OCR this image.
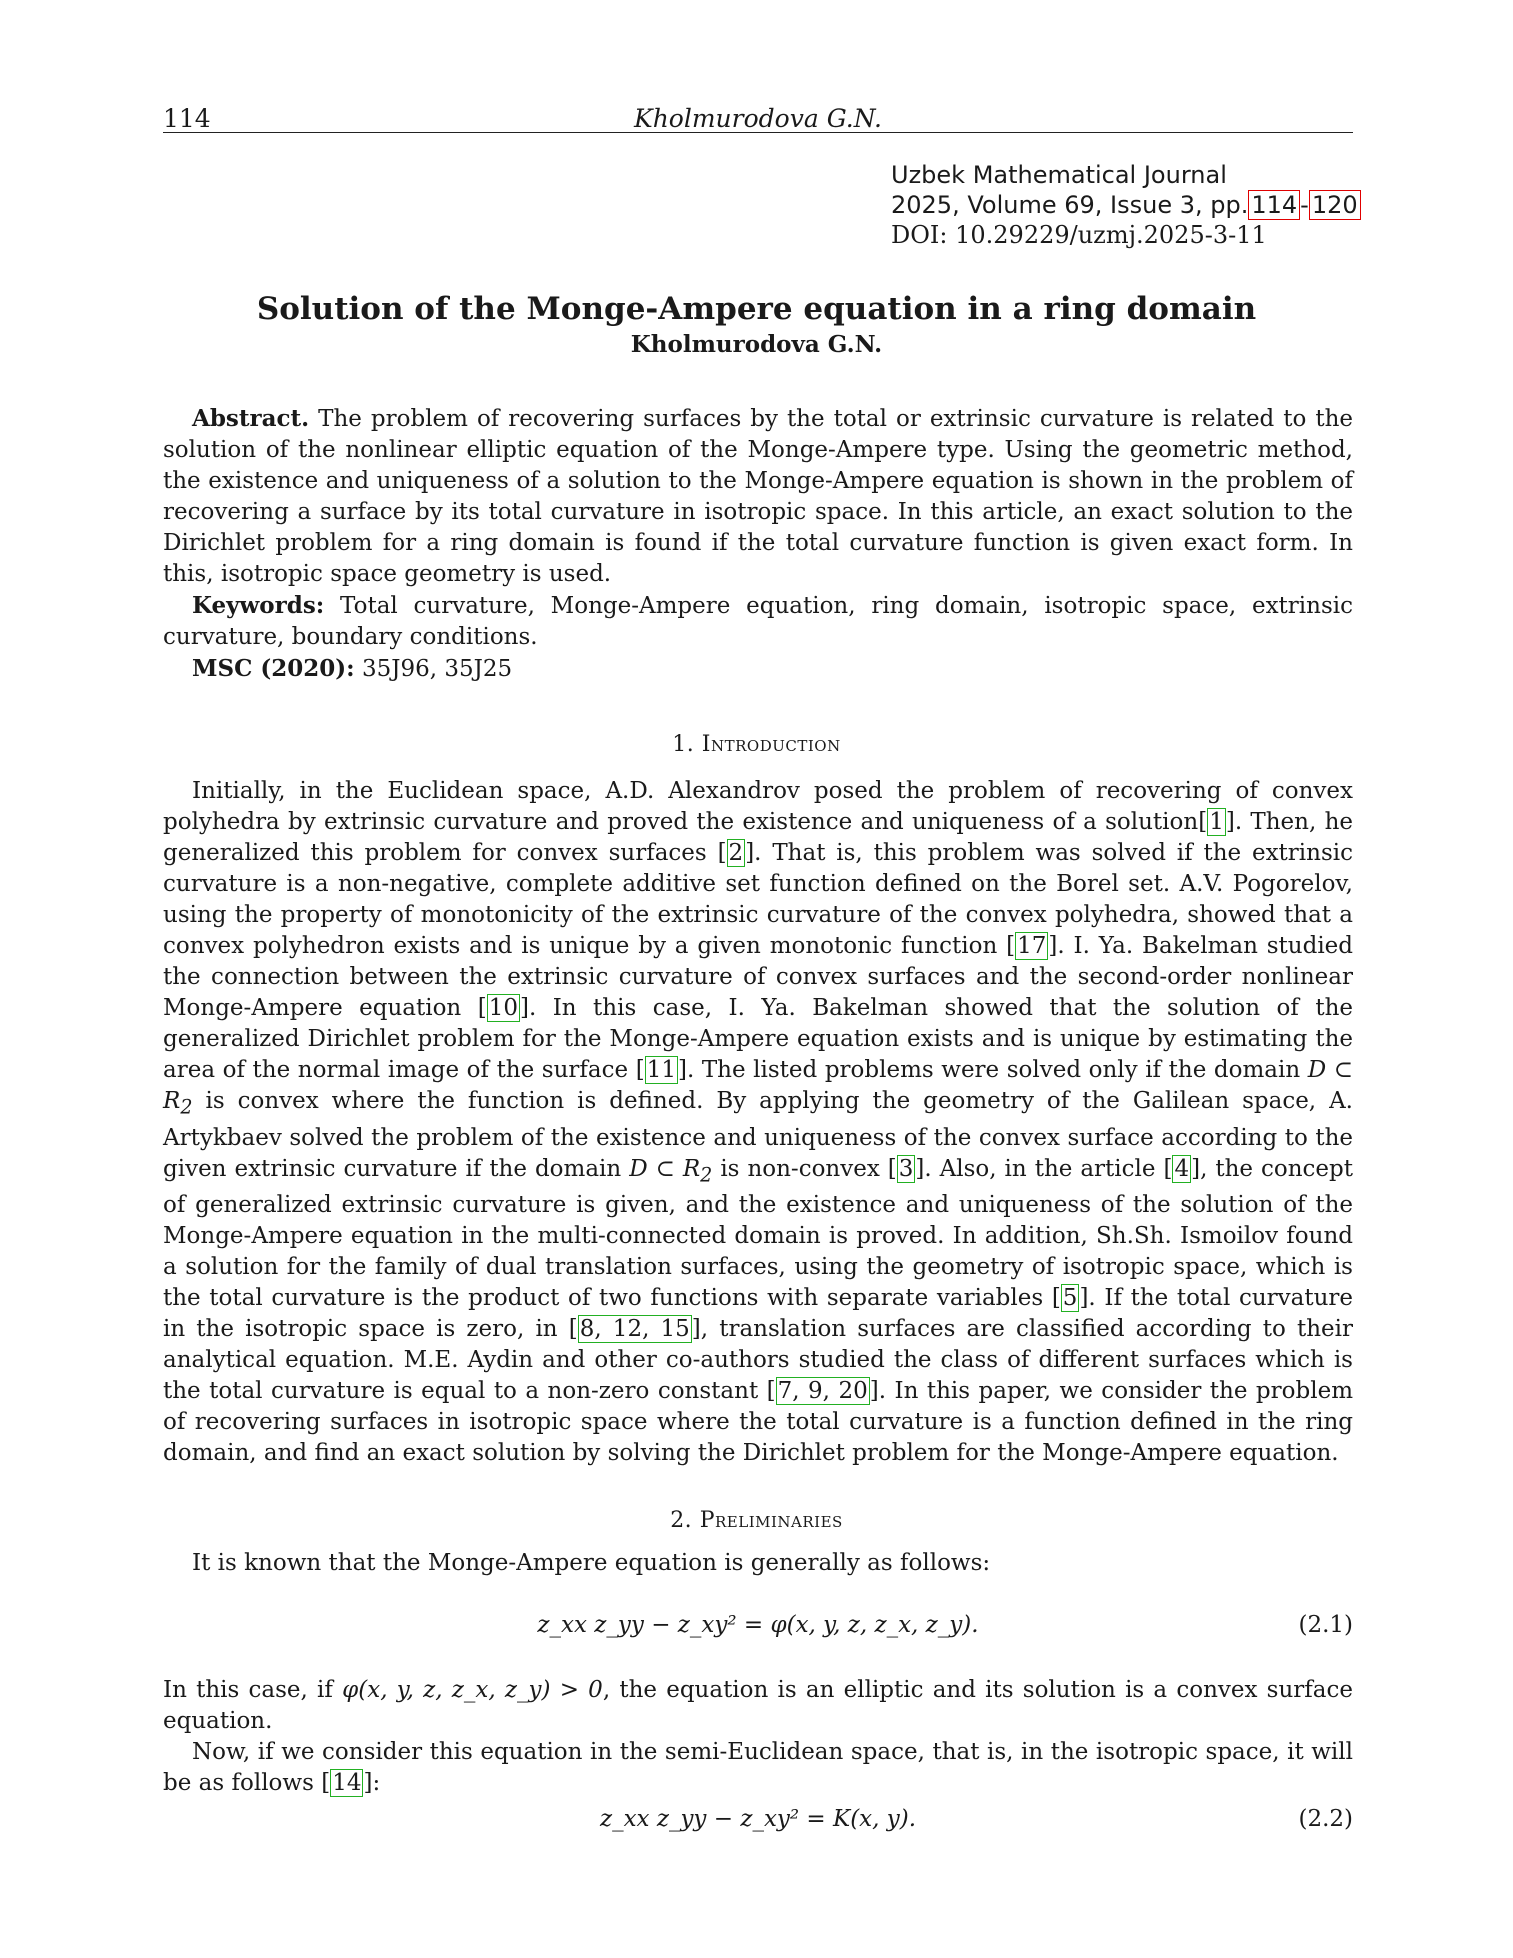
114	Kholmurodova G.N.
Uzbek Mathematical Journal
2025, Volume 69, Issue 3, pp. 114 - 120
DOI: 10.29229/uzmj.2025-3-11
Solution of the Monge-Ampere equation in a ring domain
Kholmurodova G.N.

Abstract. The problem of recovering surfaces by the total or extrinsic curvature is related to the solution of the nonlinear elliptic equation of the Monge-Ampere type. Using the geometric method, the existence and uniqueness of a solution to the Monge-Ampere equation is shown in the problem of recovering a surface by its total curvature in isotropic space. In this article, an exact solution to the Dirichlet problem for a ring domain is found if the total curvature function is given exact form. In this, isotropic space geometry is used.

Keywords: Total curvature, Monge-Ampere equation, ring domain, isotropic space, extrinsic curvature, boundary conditions.

MSC (2020): 35J96, 35J25

1. Introduction

Initially, in the Euclidean space, A.D. Alexandrov posed the problem of recovering of convex polyhedra by extrinsic curvature and proved the existence and uniqueness of a solution[1]. Then, he generalized this problem for convex surfaces [2]. That is, this problem was solved if the extrinsic curvature is a non-negative, complete additive set function defined on the Borel set. A.V. Pogorelov, using the property of monotonicity of the extrinsic curvature of the convex polyhedra, showed that a convex polyhedron exists and is unique by a given monotonic function [17]. I. Ya. Bakelman studied the connection between the extrinsic curvature of convex surfaces and the second-order nonlinear Monge-Ampere equation [10]. In this case, I. Ya. Bakelman showed that the solution of the generalized Dirichlet problem for the Monge-Ampere equation exists and is unique by estimating the area of the normal image of the surface [11]. The listed problems were solved only if the domain D ⊂ $R_2$ is convex where the function is defined. By applying the geometry of the Galilean space, A. Artykbaev solved the problem of the existence and uniqueness of the convex surface according to the given extrinsic curvature if the domain D ⊂ $R_2$ is non-convex [3]. Also, in the article [4], the concept of generalized extrinsic curvature is given, and the existence and uniqueness of the solution of the Monge-Ampere equation in the multi-connected domain is proved. In addition, Sh.Sh. Ismoilov found a solution for the family of dual translation surfaces, using the geometry of isotropic space, which is the total curvature is the product of two functions with separate variables [5]. If the total curvature in the isotropic space is zero, in [8, 12, 15], translation surfaces are classified according to their analytical equation. M.E. Aydin and other co-authors studied the class of different surfaces which is the total curvature is equal to a non-zero constant [7, 9, 20]. In this paper, we consider the problem of recovering surfaces in isotropic space where the total curvature is a function defined in the ring domain, and find an exact solution by solving the Dirichlet problem for the Monge-Ampere equation.

2. Preliminaries

It is known that the Monge-Ampere equation is generally as follows:

z_xx z_yy − z_xy² = φ(x, y, z, z_x, z_y).	(2.1)

In this case, if φ(x, y, z, z_x, z_y) > 0, the equation is an elliptic and its solution is a convex surface equation.

Now, if we consider this equation in the semi-Euclidean space, that is, in the isotropic space, it will be as follows [14]:

z_xx z_yy − z_xy² = K(x, y).	(2.2)
